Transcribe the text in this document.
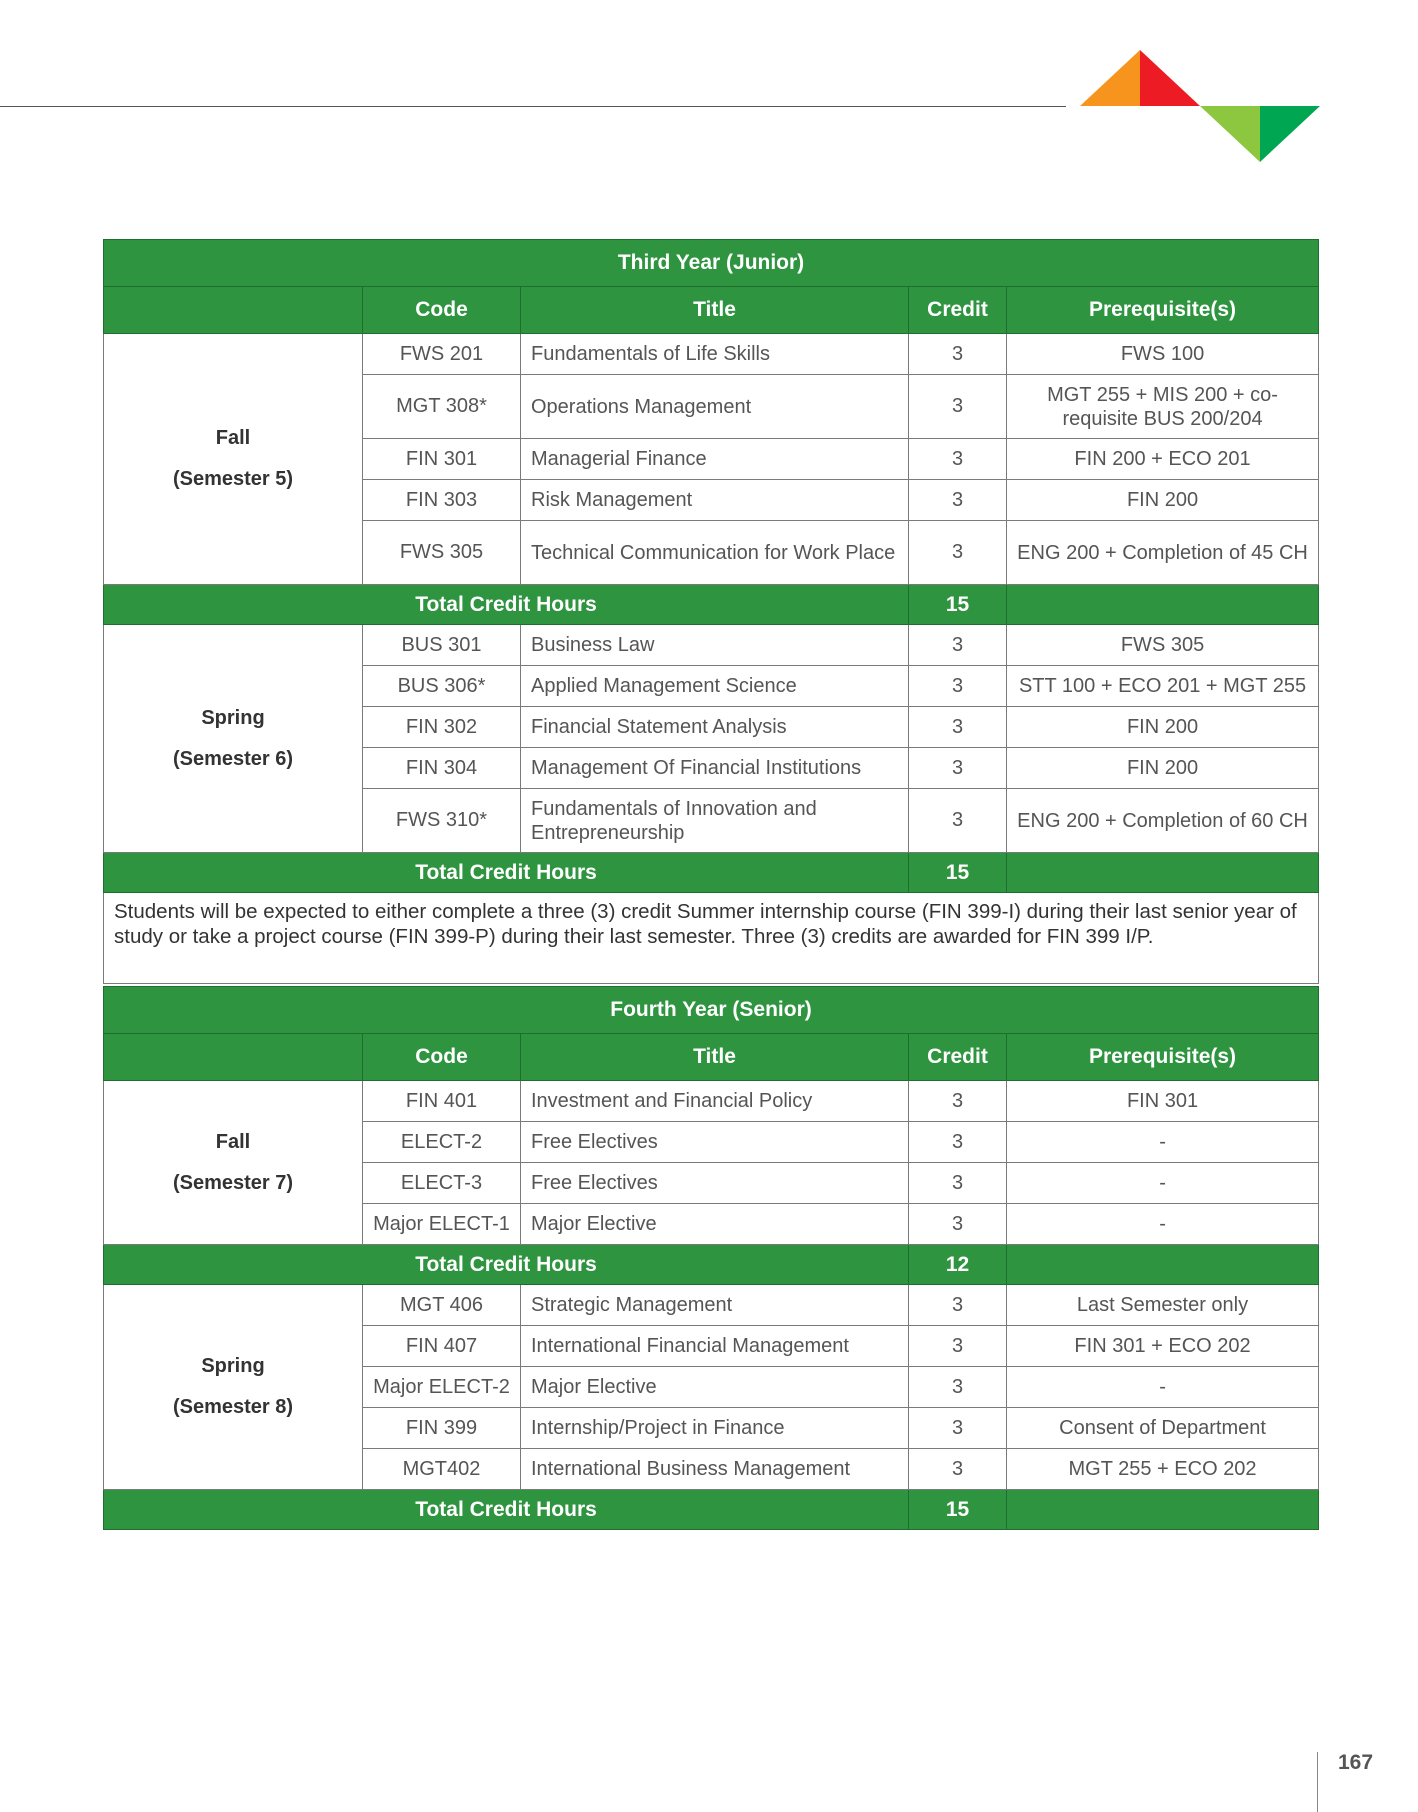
Third Year (Junior)				
	Code	Title	Credit	Prerequisite(s)

Fall
(Semester 5)	FWS 201	Fundamentals of Life Skills	3	FWS 100
	MGT 308*	Operations Management	3	MGT 255 + MIS 200 + co-requisite BUS 200/204
	FIN 301	Managerial Finance	3	FIN 200 + ECO 201
	FIN 303	Risk Management	3	FIN 200
	FWS 305	Technical Communication for Work Place	3	ENG 200 + Completion of 45 CH
Total Credit Hours			15	

Spring
(Semester 6)	BUS 301	Business Law	3	FWS 305
	BUS 306*	Applied Management Science	3	STT 100 + ECO 201 + MGT 255
	FIN 302	Financial Statement Analysis	3	FIN 200
	FIN 304	Management Of Financial Institutions	3	FIN 200
	FWS 310*	Fundamentals of Innovation and Entrepreneurship	3	ENG 200 + Completion of 60 CH
Total Credit Hours			15	
Students will be expected to either complete a three (3) credit Summer internship course (FIN 399-I) during their last senior year of study or take a project course (FIN 399-P) during their last semester. Three (3) credits are awarded for FIN 399 I/P.				
Fourth Year (Senior)				
	Code	Title	Credit	Prerequisite(s)

Fall
(Semester 7)	FIN 401	Investment and Financial Policy	3	FIN 301
	ELECT-2	Free Electives	3	-
	ELECT-3	Free Electives	3	-
	Major ELECT-1	Major Elective	3	-
Total Credit Hours			12	

Spring
(Semester 8)	MGT 406	Strategic Management	3	Last Semester only
	FIN 407	International Financial Management	3	FIN 301 + ECO 202
	Major ELECT-2	Major Elective	3	-
	FIN 399	Internship/Project in Finance	3	Consent of Department
	MGT402	International Business Management	3	MGT 255 + ECO 202
Total Credit Hours			15	
167
